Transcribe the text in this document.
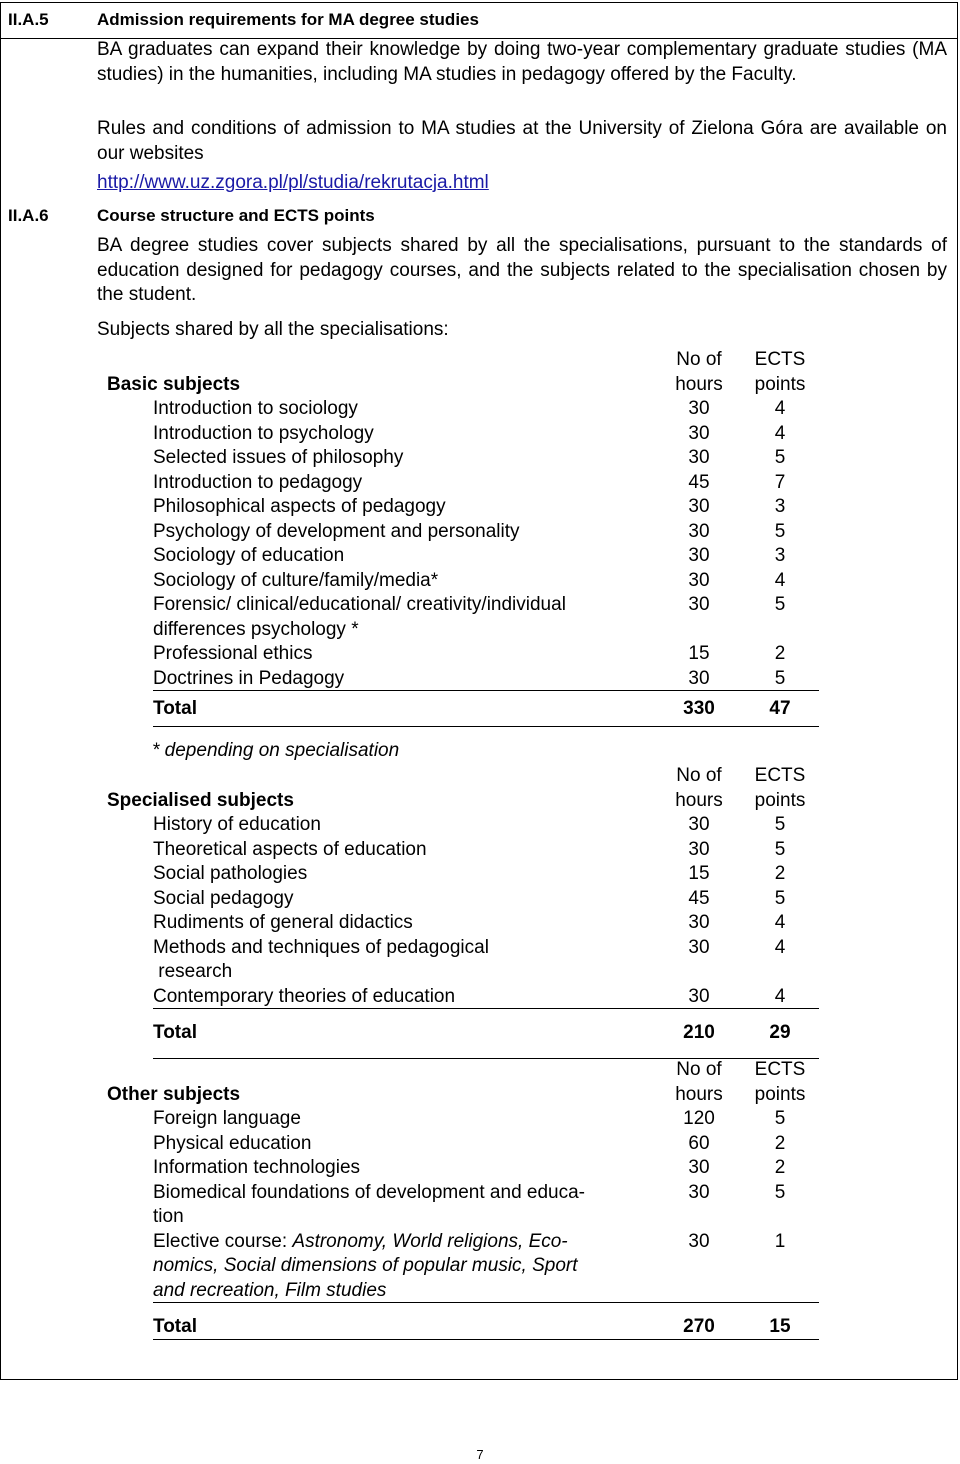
II.A.5	Admission requirements for MA degree studies
BA graduates can expand their knowledge by doing two-year complementary graduate studies (MA studies) in the humanities, including MA studies in pedagogy offered by the Faculty.
Rules and conditions of admission to MA studies at the University of Zielona Góra are available on our websites
http://www.uz.zgora.pl/pl/studia/rekrutacja.html
II.A.6	Course structure and ECTS points
BA degree studies cover subjects shared by all the specialisations, pursuant to the standards of education designed for pedagogy courses, and the subjects related to the specialisation chosen by the student.
Subjects shared by all the specialisations:
No of
hours
ECTS
points
Basic subjects
Introduction to sociology	30	4
Introduction to psychology	30	4
Selected issues of philosophy	30	5
Introduction to pedagogy	45	7
Philosophical aspects of pedagogy	30	3
Psychology of development and personality	30	5
Sociology of education	30	3
Sociology of culture/family/media*	30	4
Forensic/ clinical/educational/ creativity/individual differences psychology *
30	5
Professional ethics	15	2
Doctrines in Pedagogy	30	5
Total	330	47
* depending on specialisation
No of
hours
ECTS
points
Specialised subjects
History of education	30	5
Theoretical aspects of education	30	5
Social pathologies	15	2
Social pedagogy	45	5
Rudiments of general didactics	30	4
Methods and techniques of pedagogical
research
30	4
Contemporary theories of education	30	4
Total	210	29
No of
hours
ECTS
points
Other subjects
Foreign language	120	5
Physical education	60	2
Information technologies	30	2
Biomedical foundations of development and educa-
tion
30	5
Elective course: Astronomy, World religions, Eco-
nomics, Social dimensions of popular music, Sport
and recreation, Film studies
30	1
Total	270	15
7
